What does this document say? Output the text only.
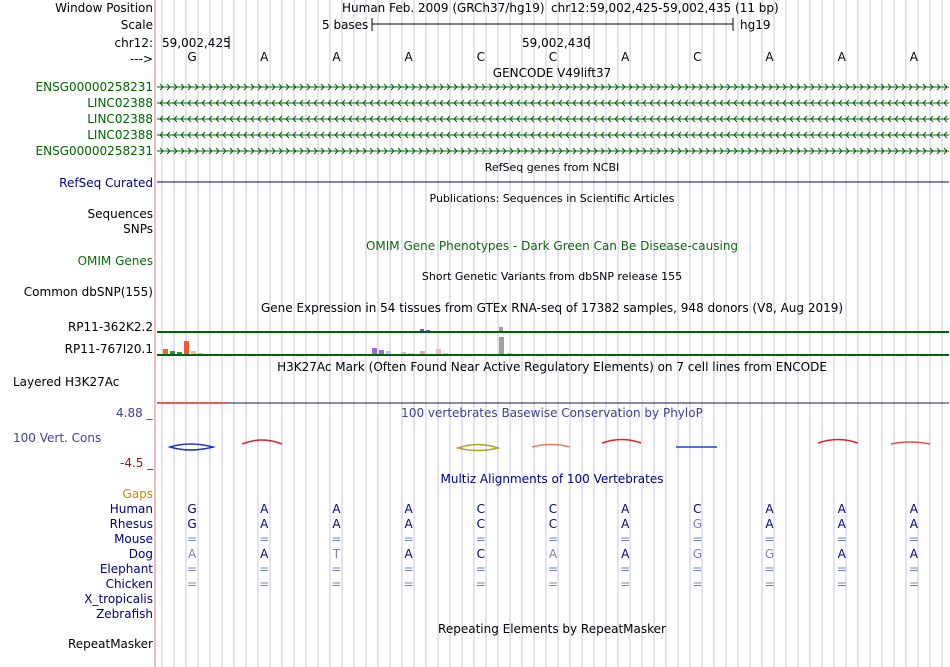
Window Position	Human Feb. 2009 (GRCh37/hg19) chr12:59,002,425-59,002,435 (11 bp)
Scale	5 bases	hg19
chr12: 59,002,425	59,002,430
--->	G	A	A	A	C	C	A	C	A	A	A
GENCODE V49lift37
ENSG00000258231
LINC02388
LINC02388
LINC02388
ENSG00000258231
RefSeq genes from NCBI
RefSeq Curated
Publications: Sequences in Scientific Articles
Sequences
SNPs
OMIM Gene Phenotypes - Dark Green Can Be Disease-causing
OMIM Genes
Short Genetic Variants from dbSNP release 155
Common dbSNP(155)
Gene Expression in 54 tissues from GTEx RNA-seq of 17382 samples, 948 donors (V8, Aug 2019)
RP11-362K2.2
RP11-767I20.1
H3K27Ac Mark (Often Found Near Active Regulatory Elements) on 7 cell lines from ENCODE
Layered H3K27Ac
4.88 _	100 vertebrates Basewise Conservation by PhyloP
100 Vert. Cons
-4.5 _
Multiz Alignments of 100 Vertebrates
Gaps
Human	G	A	A	A	C	C	A	C	A	A	A
Rhesus	G	A	A	A	C	C	A	G	A	A	A
Mouse	=	=	=	=	=	=	=	=	=	=	=
Dog	A	A	T	A	C	A	A	G	G	A	A
Elephant	=	=	=	=	=	=	=	=	=	=	=
Chicken	=	=	=	=	=	=	=	=	=	=	=
X_tropicalis
Zebrafish
Repeating Elements by RepeatMasker
RepeatMasker
